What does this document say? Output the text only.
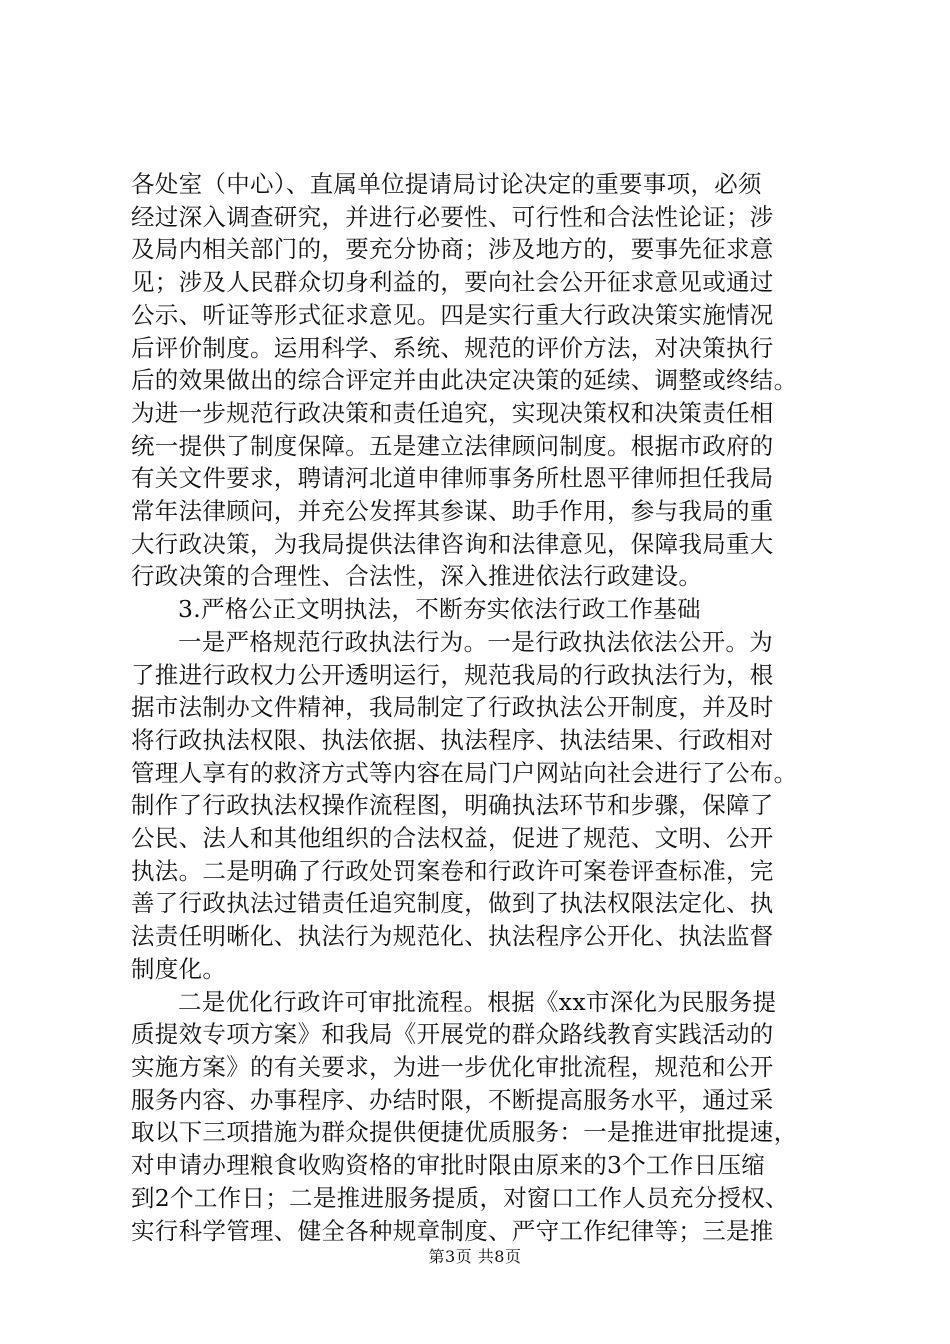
各处室（中心）、直属单位提请局讨论决定的重要事项，必须
经过深入调查研究，并进行必要性、可行性和合法性论证；涉
及局内相关部门的，要充分协商；涉及地方的，要事先征求意
见；涉及人民群众切身利益的，要向社会公开征求意见或通过
公示、听证等形式征求意见。四是实行重大行政决策实施情况
后评价制度。运用科学、系统、规范的评价方法，对决策执行
后的效果做出的综合评定并由此决定决策的延续、调整或终结。
为进一步规范行政决策和责任追究，实现决策权和决策责任相
统一提供了制度保障。五是建立法律顾问制度。根据市政府的
有关文件要求，聘请河北道申律师事务所杜恩平律师担任我局
常年法律顾问，并充公发挥其参谋、助手作用，参与我局的重
大行政决策，为我局提供法律咨询和法律意见，保障我局重大
行政决策的合理性、合法性，深入推进依法行政建设。
3.严格公正文明执法，不断夯实依法行政工作基础
一是严格规范行政执法行为。一是行政执法依法公开。为
了推进行政权力公开透明运行，规范我局的行政执法行为，根
据市法制办文件精神，我局制定了行政执法公开制度，并及时
将行政执法权限、执法依据、执法程序、执法结果、行政相对
管理人享有的救济方式等内容在局门户网站向社会进行了公布。
制作了行政执法权操作流程图，明确执法环节和步骤，保障了
公民、法人和其他组织的合法权益，促进了规范、文明、公开
执法。二是明确了行政处罚案卷和行政许可案卷评查标准，完
善了行政执法过错责任追究制度，做到了执法权限法定化、执
法责任明晰化、执法行为规范化、执法程序公开化、执法监督
制度化。
二是优化行政许可审批流程。根据《xx市深化为民服务提
质提效专项方案》和我局《开展党的群众路线教育实践活动的
实施方案》的有关要求，为进一步优化审批流程，规范和公开
服务内容、办事程序、办结时限，不断提高服务水平，通过采
取以下三项措施为群众提供便捷优质服务：一是推进审批提速，
对申请办理粮食收购资格的审批时限由原来的3个工作日压缩
到2个工作日；二是推进服务提质，对窗口工作人员充分授权、
实行科学管理、健全各种规章制度、严守工作纪律等；三是推
第3页 共8页
